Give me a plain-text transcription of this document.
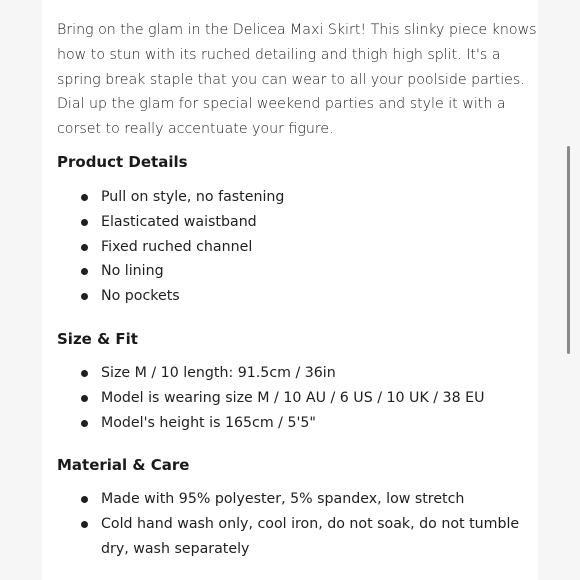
Bring on the glam in the Delicea Maxi Skirt! This slinky piece knows how to stun with its ruched detailing and thigh high split. It's a spring break staple that you can wear to all your poolside parties. Dial up the glam for special weekend parties and style it with a corset to really accentuate your figure.

Product Details
Pull on style, no fastening
Elasticated waistband
Fixed ruched channel
No lining
No pockets
Size & Fit
Size M / 10 length: 91.5cm / 36in
Model is wearing size M / 10 AU / 6 US / 10 UK / 38 EU
Model's height is 165cm / 5'5"
Material & Care
Made with 95% polyester, 5% spandex, low stretch
Cold hand wash only, cool iron, do not soak, do not tumble dry, wash separately
